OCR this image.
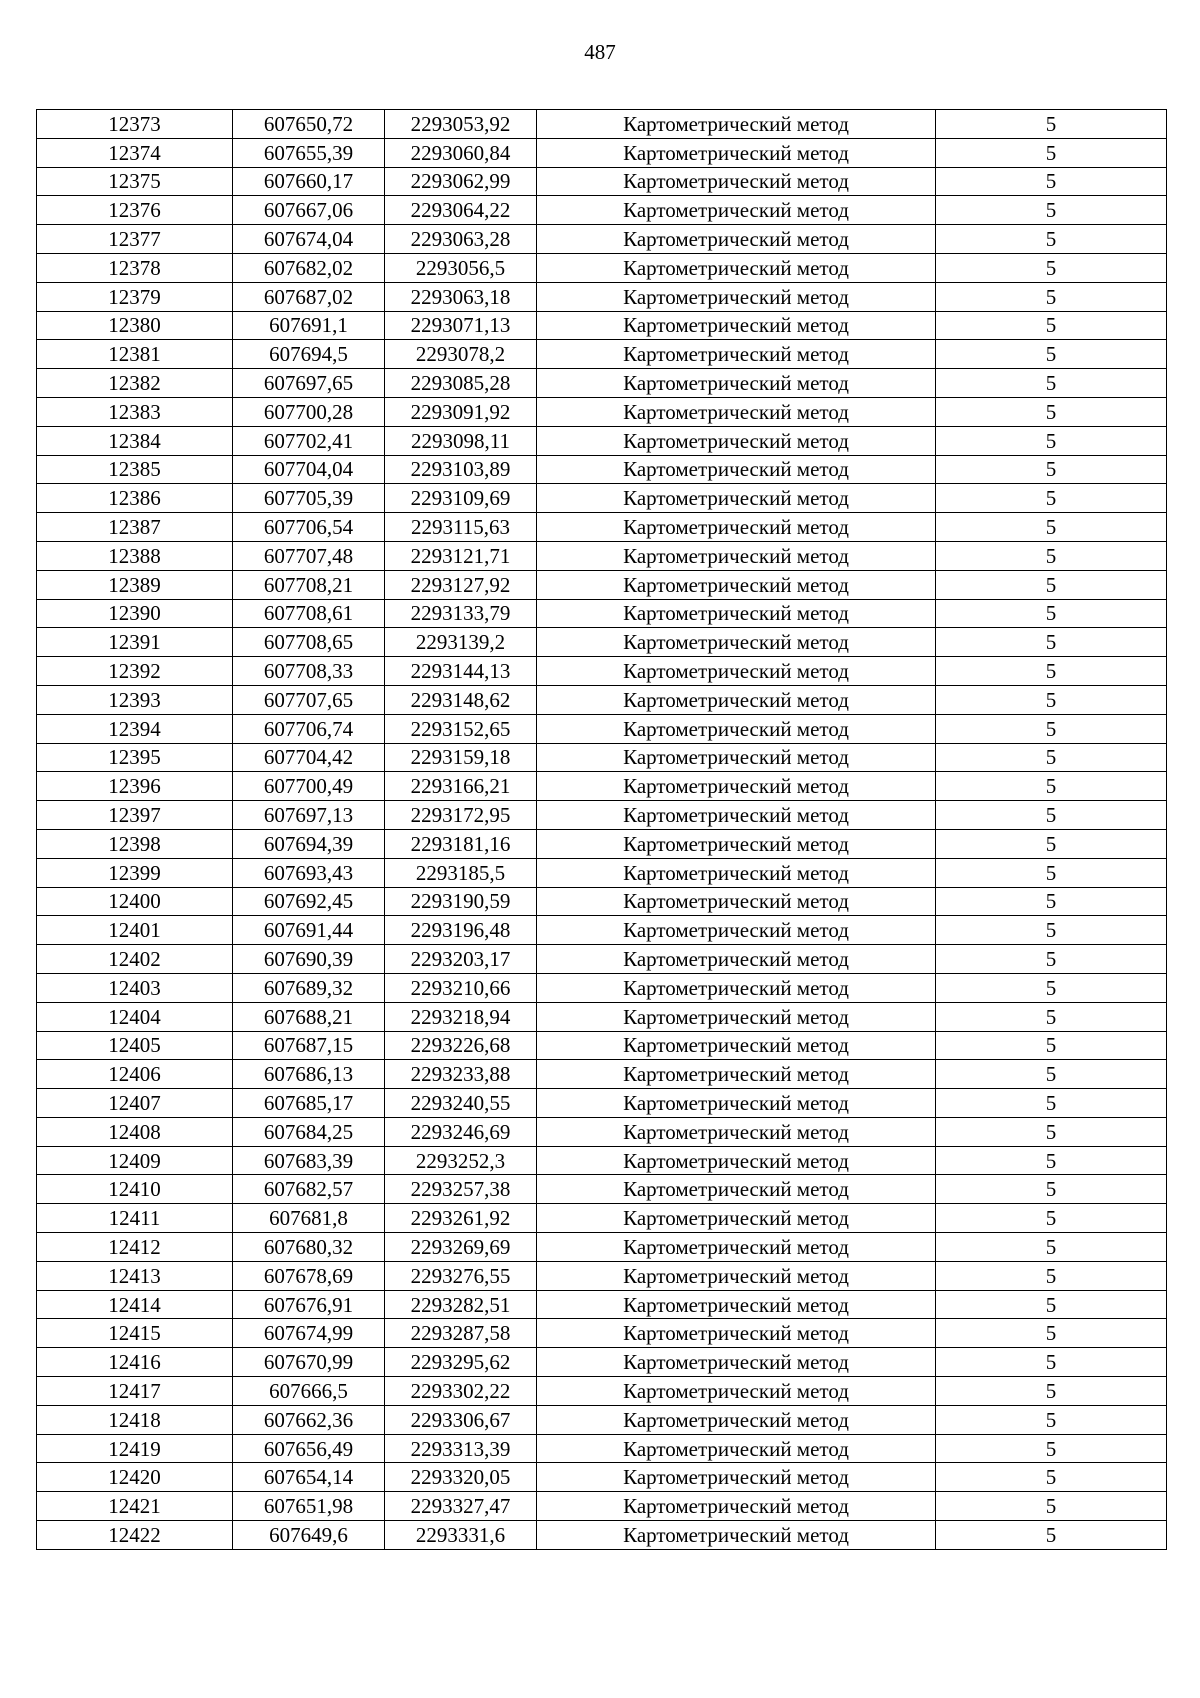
487
12373	607650,72	2293053,92	Картометрический метод	5
12374	607655,39	2293060,84	Картометрический метод	5
12375	607660,17	2293062,99	Картометрический метод	5
12376	607667,06	2293064,22	Картометрический метод	5
12377	607674,04	2293063,28	Картометрический метод	5
12378	607682,02	2293056,5	Картометрический метод	5
12379	607687,02	2293063,18	Картометрический метод	5
12380	607691,1	2293071,13	Картометрический метод	5
12381	607694,5	2293078,2	Картометрический метод	5
12382	607697,65	2293085,28	Картометрический метод	5
12383	607700,28	2293091,92	Картометрический метод	5
12384	607702,41	2293098,11	Картометрический метод	5
12385	607704,04	2293103,89	Картометрический метод	5
12386	607705,39	2293109,69	Картометрический метод	5
12387	607706,54	2293115,63	Картометрический метод	5
12388	607707,48	2293121,71	Картометрический метод	5
12389	607708,21	2293127,92	Картометрический метод	5
12390	607708,61	2293133,79	Картометрический метод	5
12391	607708,65	2293139,2	Картометрический метод	5
12392	607708,33	2293144,13	Картометрический метод	5
12393	607707,65	2293148,62	Картометрический метод	5
12394	607706,74	2293152,65	Картометрический метод	5
12395	607704,42	2293159,18	Картометрический метод	5
12396	607700,49	2293166,21	Картометрический метод	5
12397	607697,13	2293172,95	Картометрический метод	5
12398	607694,39	2293181,16	Картометрический метод	5
12399	607693,43	2293185,5	Картометрический метод	5
12400	607692,45	2293190,59	Картометрический метод	5
12401	607691,44	2293196,48	Картометрический метод	5
12402	607690,39	2293203,17	Картометрический метод	5
12403	607689,32	2293210,66	Картометрический метод	5
12404	607688,21	2293218,94	Картометрический метод	5
12405	607687,15	2293226,68	Картометрический метод	5
12406	607686,13	2293233,88	Картометрический метод	5
12407	607685,17	2293240,55	Картометрический метод	5
12408	607684,25	2293246,69	Картометрический метод	5
12409	607683,39	2293252,3	Картометрический метод	5
12410	607682,57	2293257,38	Картометрический метод	5
12411	607681,8	2293261,92	Картометрический метод	5
12412	607680,32	2293269,69	Картометрический метод	5
12413	607678,69	2293276,55	Картометрический метод	5
12414	607676,91	2293282,51	Картометрический метод	5
12415	607674,99	2293287,58	Картометрический метод	5
12416	607670,99	2293295,62	Картометрический метод	5
12417	607666,5	2293302,22	Картометрический метод	5
12418	607662,36	2293306,67	Картометрический метод	5
12419	607656,49	2293313,39	Картометрический метод	5
12420	607654,14	2293320,05	Картометрический метод	5
12421	607651,98	2293327,47	Картометрический метод	5
12422	607649,6	2293331,6	Картометрический метод	5
